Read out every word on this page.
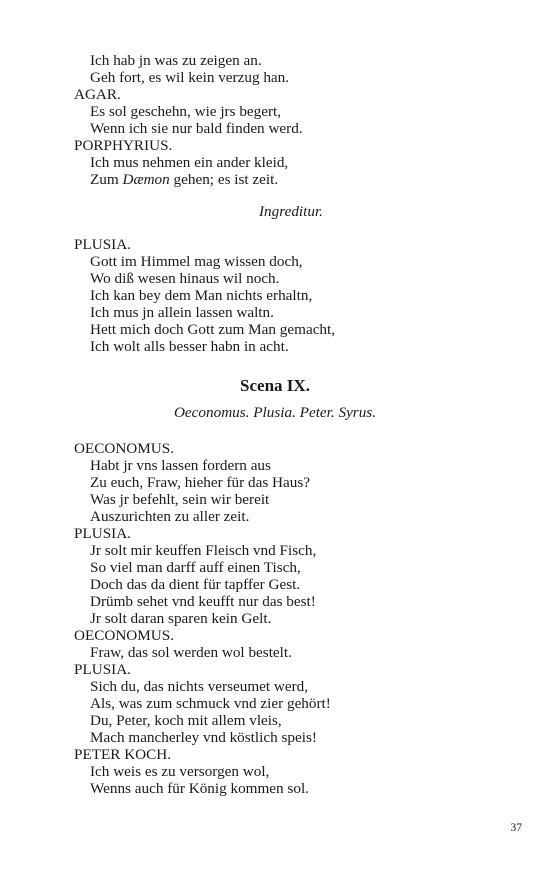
Ich hab jn was zu zeigen an.
Geh fort, es wil kein verzug han.
AGAR.
Es sol geschehn, wie jrs begert,
Wenn ich sie nur bald finden werd.
PORPHYRIUS.
Ich mus nehmen ein ander kleid,
Zum Dæmon gehen; es ist zeit.
Ingreditur.
PLUSIA.
Gott im Himmel mag wissen doch,
Wo diß wesen hinaus wil noch.
Ich kan bey dem Man nichts erhaltn,
Ich mus jn allein lassen waltn.
Hett mich doch Gott zum Man gemacht,
Ich wolt alls besser habn in acht.
Scena IX.
Oeconomus. Plusia. Peter. Syrus.
OECONOMUS.
Habt jr vns lassen fordern aus
Zu euch, Fraw, hieher für das Haus?
Was jr befehlt, sein wir bereit
Auszurichten zu aller zeit.
PLUSIA.
Jr solt mir keuffen Fleisch vnd Fisch,
So viel man darff auff einen Tisch,
Doch das da dient für tapffer Gest.
Drümb sehet vnd keufft nur das best!
Jr solt daran sparen kein Gelt.
OECONOMUS.
Fraw, das sol werden wol bestelt.
PLUSIA.
Sich du, das nichts verseumet werd,
Als, was zum schmuck vnd zier gehört!
Du, Peter, koch mit allem vleis,
Mach mancherley vnd köstlich speis!
PETER KOCH.
Ich weis es zu versorgen wol,
Wenns auch für König kommen sol.
37
